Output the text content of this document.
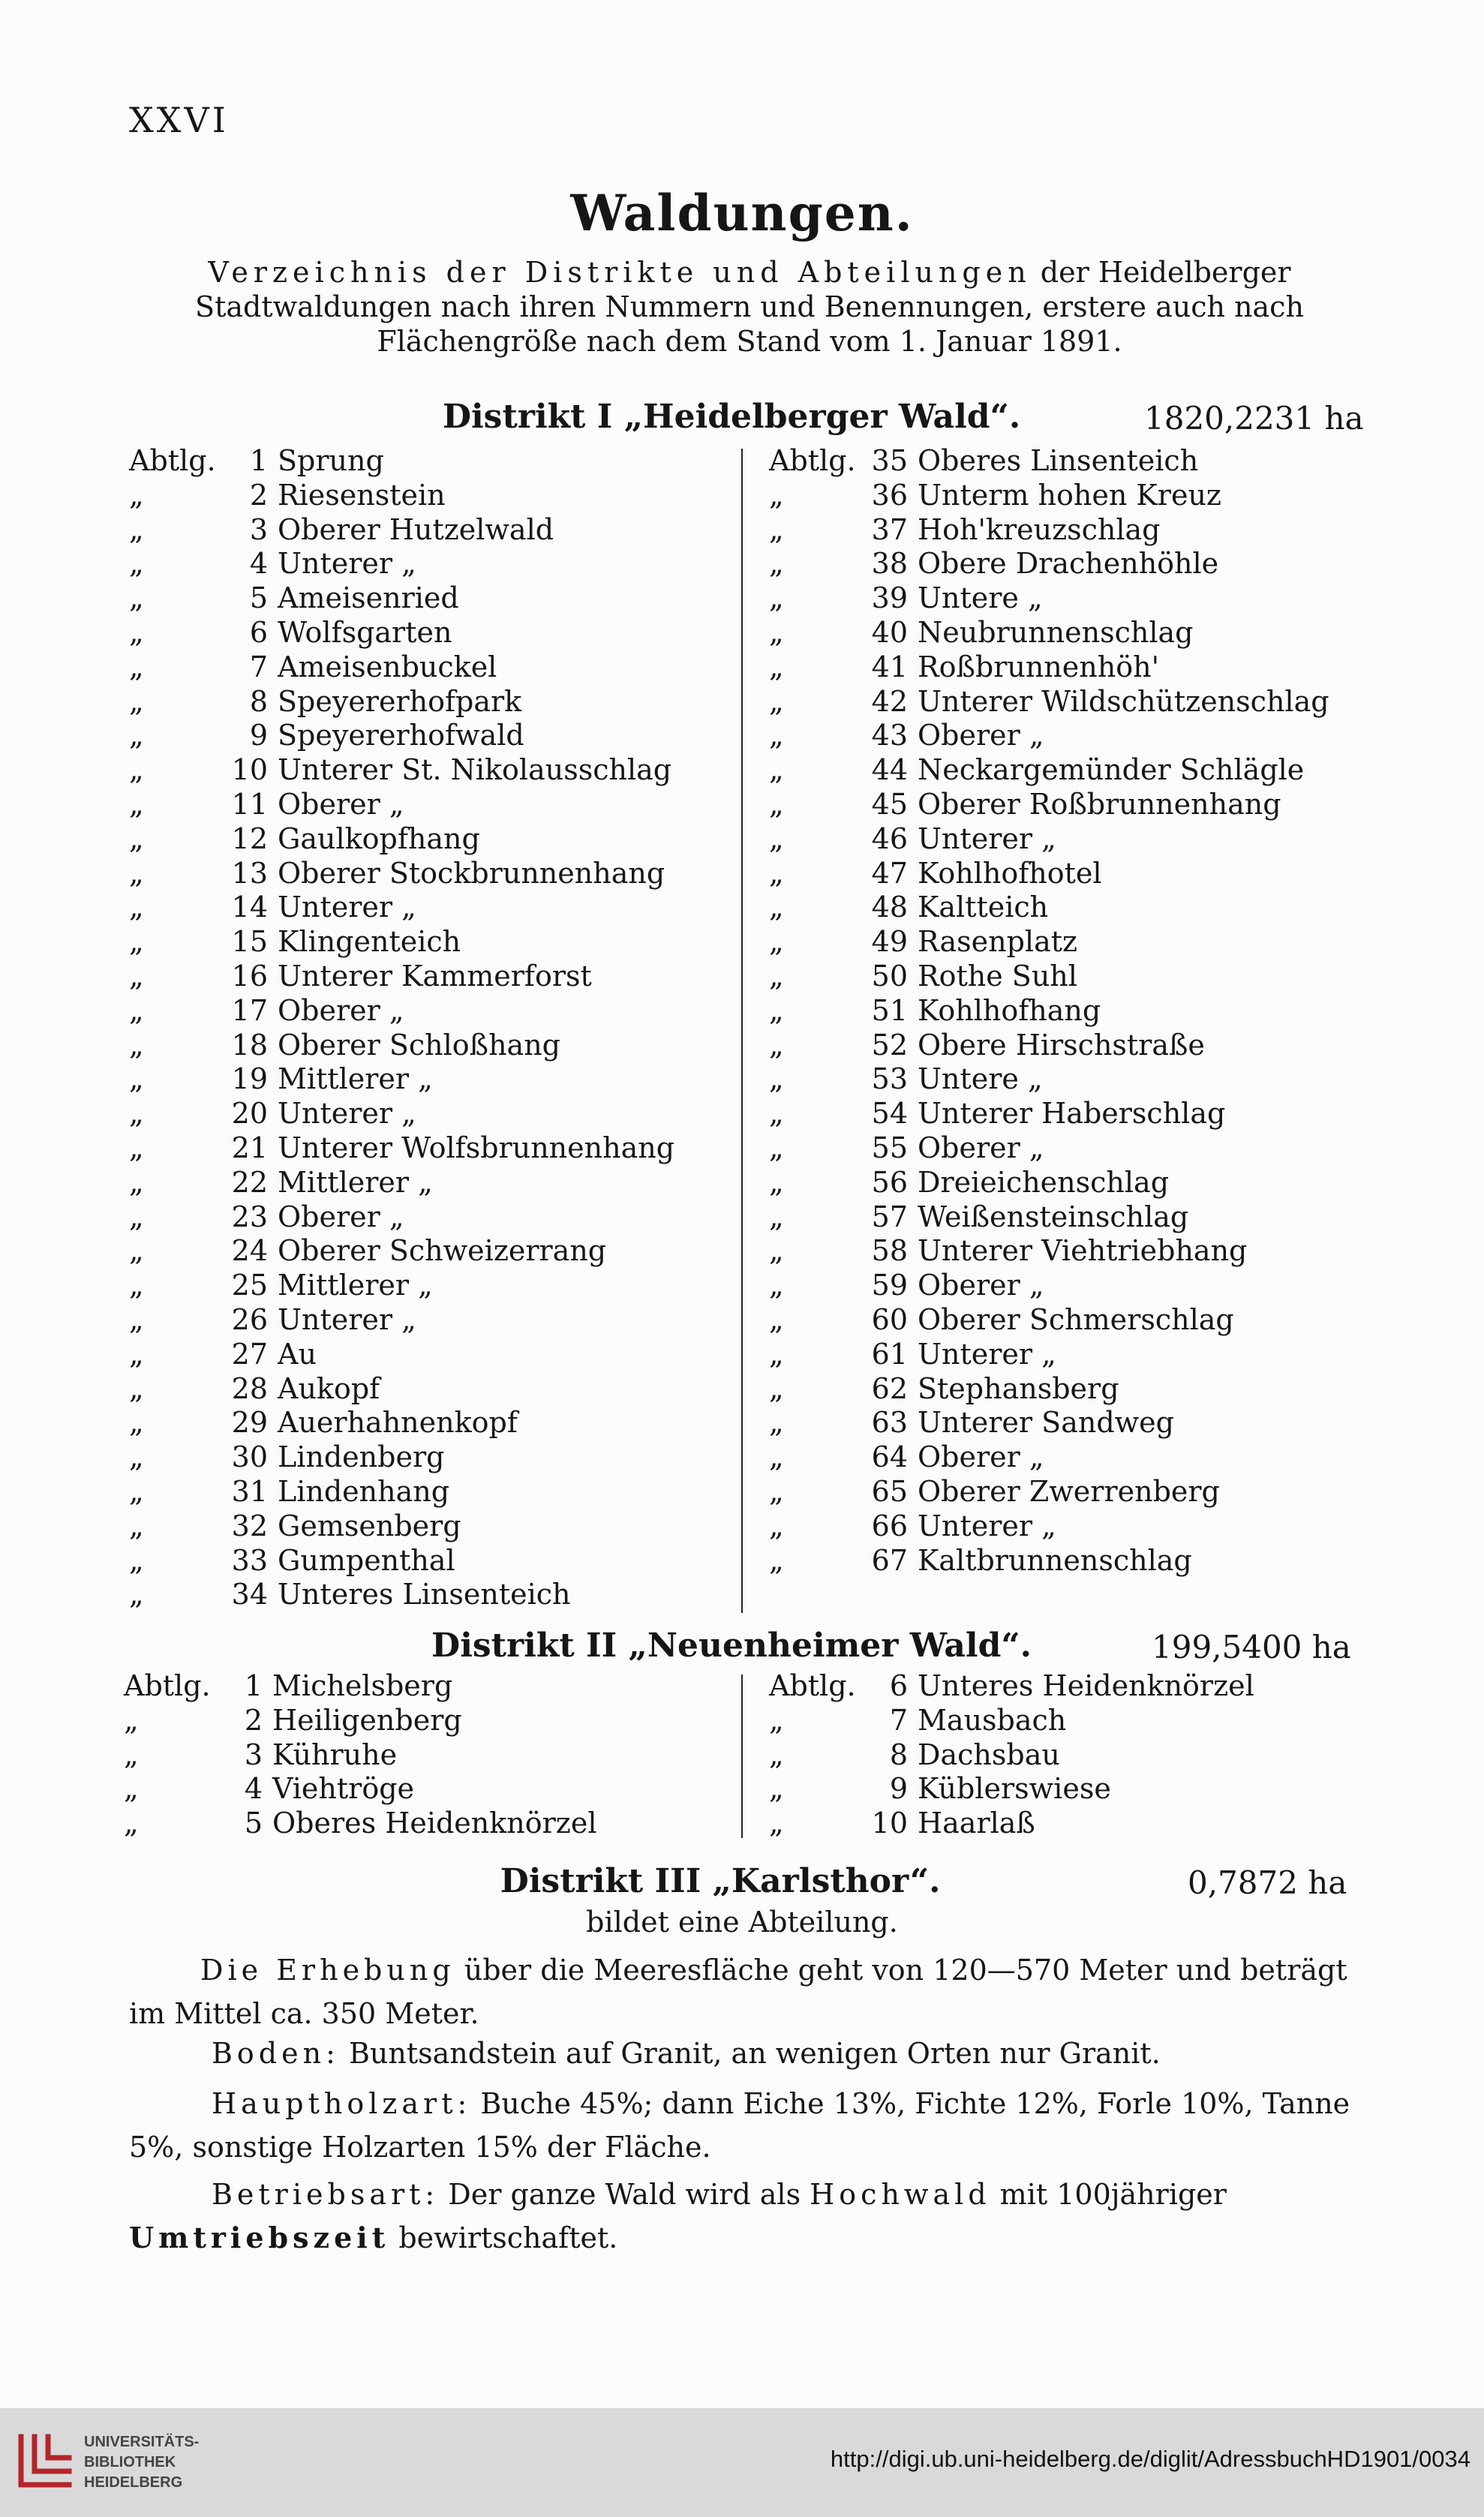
XXVI
Waldungen.
Verzeichnis der Distrikte und Abteilungen der Heidelberger Stadtwaldungen nach ihren Nummern und Benennungen, erstere auch nach Flächengröße nach dem Stand vom 1. Januar 1891.
Distrikt I „Heidelberger Wald“.	1820,2231 ha
Abtlg.	1 Sprung
„	2 Riesenstein
„	3 Oberer Hutzelwald
„	4 Unterer „
„	5 Ameisenried
„	6 Wolfsgarten
„	7 Ameisenbuckel
„	8 Speyererhofpark
„	9 Speyererhofwald
„	10 Unterer St. Nikolausschlag
„	11 Oberer „
„	12 Gaulkopfhang
„	13 Oberer Stockbrunnenhang
„	14 Unterer „
„	15 Klingenteich
„	16 Unterer Kammerforst
„	17 Oberer „
„	18 Oberer Schloßhang
„	19 Mittlerer „
„	20 Unterer „
„	21 Unterer Wolfsbrunnenhang
„	22 Mittlerer „
„	23 Oberer „
„	24 Oberer Schweizerrang
„	25 Mittlerer „
„	26 Unterer „
„	27 Au
„	28 Aukopf
„	29 Auerhahnenkopf
„	30 Lindenberg
„	31 Lindenhang
„	32 Gemsenberg
„	33 Gumpenthal
„	34 Unteres Linsenteich
Abtlg. 35 Oberes Linsenteich
„	36 Unterm hohen Kreuz
„	37 Hoh'kreuzschlag
„	38 Obere Drachenhöhle
„	39 Untere „
„	40 Neubrunnenschlag
„	41 Roßbrunnenhöh'
„	42 Unterer Wildschützenschlag
„	43 Oberer „
„	44 Neckargemünder Schlägle
„	45 Oberer Roßbrunnenhang
„	46 Unterer „
„	47 Kohlhofhotel
„	48 Kaltteich
„	49 Rasenplatz
„	50 Rothe Suhl
„	51 Kohlhofhang
„	52 Obere Hirschstraße
„	53 Untere „
„	54 Unterer Haberschlag
„	55 Oberer „
„	56 Dreieichenschlag
„	57 Weißensteinschlag
„	58 Unterer Viehtriebhang
„	59 Oberer „
„	60 Oberer Schmerschlag
„	61 Unterer „
„	62 Stephansberg
„	63 Unterer Sandweg
„	64 Oberer „
„	65 Oberer Zwerrenberg
„	66 Unterer „
„	67 Kaltbrunnenschlag
Distrikt II „Neuenheimer Wald“.	199,5400 ha
Abtlg.	1 Michelsberg
„	2 Heiligenberg
„	3 Kühruhe
„	4 Viehtröge
„	5 Oberes Heidenknörzel
Abtlg.	6 Unteres Heidenknörzel
„	7 Mausbach
„	8 Dachsbau
„	9 Küblerswiese
„	10 Haarlaß
Distrikt III „Karlsthor“.	0,7872 ha
bildet eine Abteilung.
Die Erhebung über die Meeresfläche geht von 120—570 Meter und beträgt im Mittel ca. 350 Meter.
Boden: Buntsandstein auf Granit, an wenigen Orten nur Granit.
Hauptholzart: Buche 45%; dann Eiche 13%, Fichte 12%, Forle 10%, Tanne 5%, sonstige Holzarten 15% der Fläche.
Betriebsart: Der ganze Wald wird als Hochwald mit 100jähriger Umtriebszeit bewirtschaftet.
UNIVERSITÄTS-
BIBLIOTHEK
HEIDELBERG
http://digi.ub.uni-heidelberg.de/diglit/AdressbuchHD1901/0034
